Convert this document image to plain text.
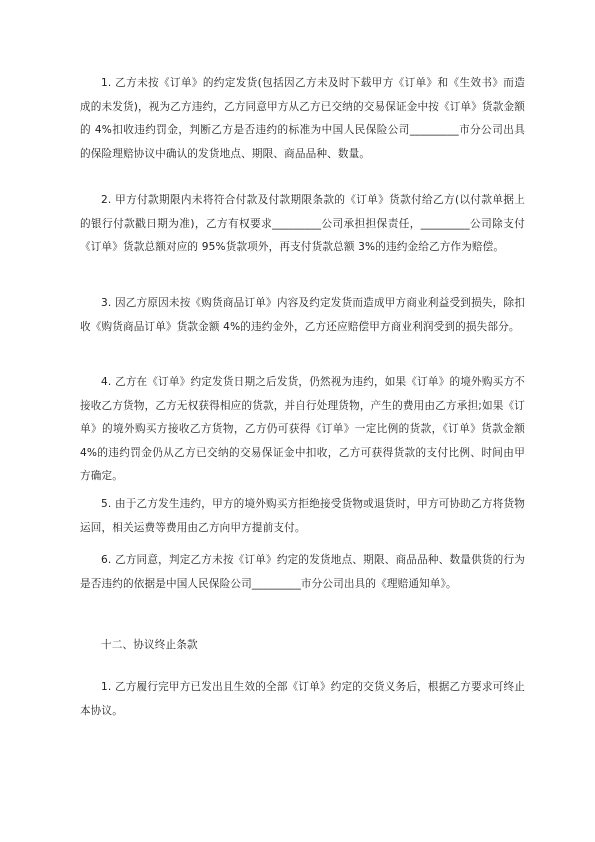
1. 乙方未按《订单》的约定发货(包括因乙方未及时下载甲方《订单》和《生效书》而造成的未发货)，视为乙方违约，乙方同意甲方从乙方已交纳的交易保证金中按《订单》货款金额的 4%扣收违约罚金，判断乙方是否违约的标准为中国人民保险公司_________市分公司出具的保险理赔协议中确认的发货地点、期限、商品品种、数量。

2. 甲方付款期限内未将符合付款及付款期限条款的《订单》货款付给乙方(以付款单据上的银行付款戳日期为准)，乙方有权要求_________公司承担担保责任，_________公司除支付《订单》货款总额对应的 95%货款项外，再支付货款总额 3%的违约金给乙方作为赔偿。

3. 因乙方原因未按《购货商品订单》内容及约定发货而造成甲方商业利益受到损失，除扣收《购货商品订单》货款金额 4%的违约金外，乙方还应赔偿甲方商业利润受到的损失部分。

4. 乙方在《订单》约定发货日期之后发货，仍然视为违约，如果《订单》的境外购买方不接收乙方货物，乙方无权获得相应的货款，并自行处理货物，产生的费用由乙方承担;如果《订单》的境外购买方接收乙方货物，乙方仍可获得《订单》一定比例的货款，《订单》货款金额 4%的违约罚金仍从乙方已交纳的交易保证金中扣收，乙方可获得货款的支付比例、时间由甲方确定。

5. 由于乙方发生违约，甲方的境外购买方拒绝接受货物或退货时，甲方可协助乙方将货物运回，相关运费等费用由乙方向甲方提前支付。

6. 乙方同意，判定乙方未按《订单》约定的发货地点、期限、商品品种、数量供货的行为是否违约的依据是中国人民保险公司_________市分公司出具的《理赔通知单》。

十二、协议终止条款

1. 乙方履行完甲方已发出且生效的全部《订单》约定的交货义务后，根据乙方要求可终止本协议。
